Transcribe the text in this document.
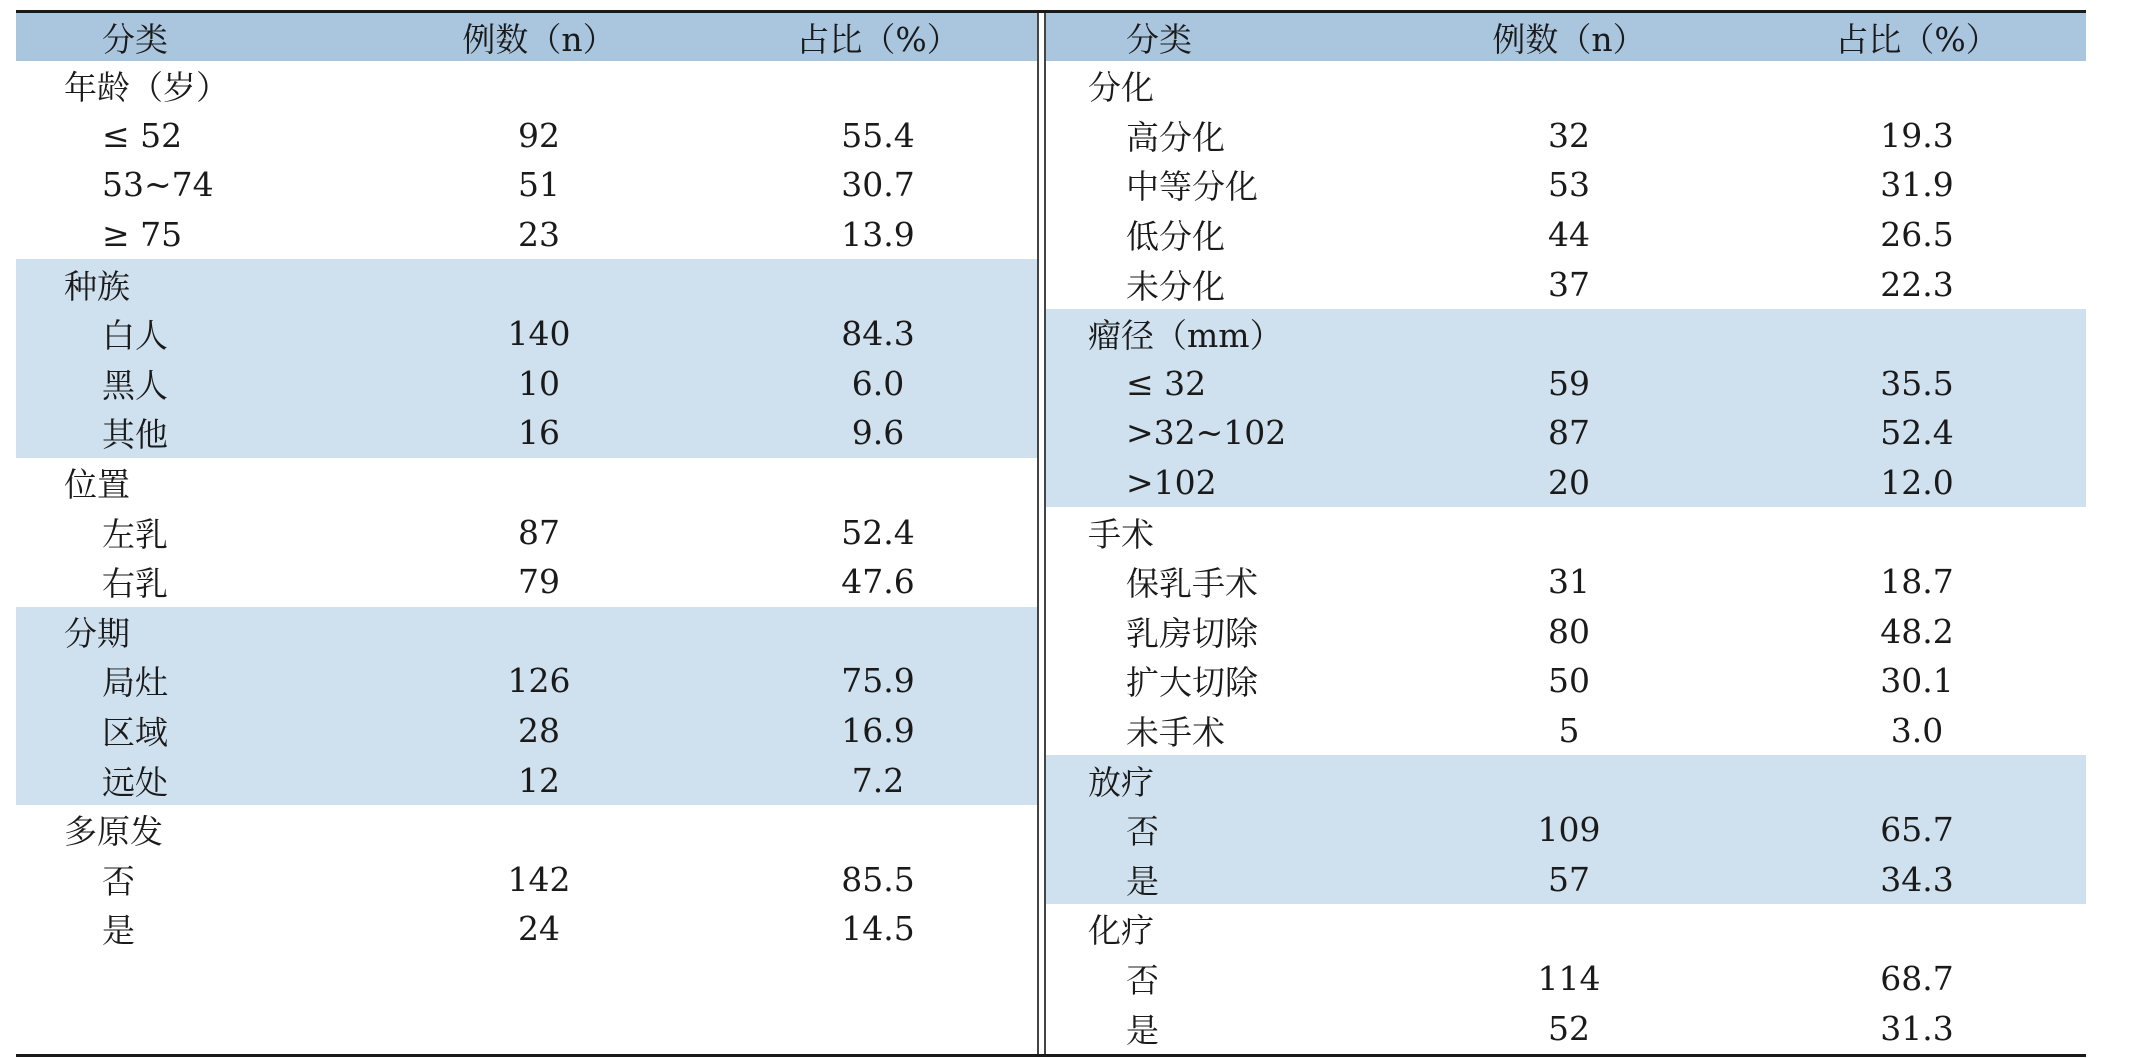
分类	例数（n）	占比（%）
年龄（岁）
≤ 52	92	55.4
53~74	51	30.7
≥ 75	23	13.9
种族
白人	140	84.3
黑人	10	6.0
其他	16	9.6
位置
左乳	87	52.4
右乳	79	47.6
分期
局灶	126	75.9
区域	28	16.9
远处	12	7.2
多原发
否	142	85.5
是	24	14.5
分类	例数（n）	占比（%）
分化
高分化	32	19.3
中等分化	53	31.9
低分化	44	26.5
未分化	37	22.3
瘤径（mm）
≤ 32	59	35.5
>32~102	87	52.4
>102	20	12.0
手术
保乳手术	31	18.7
乳房切除	80	48.2
扩大切除	50	30.1
未手术	5	3.0
放疗
否	109	65.7
是	57	34.3
化疗
否	114	68.7
是	52	31.3
